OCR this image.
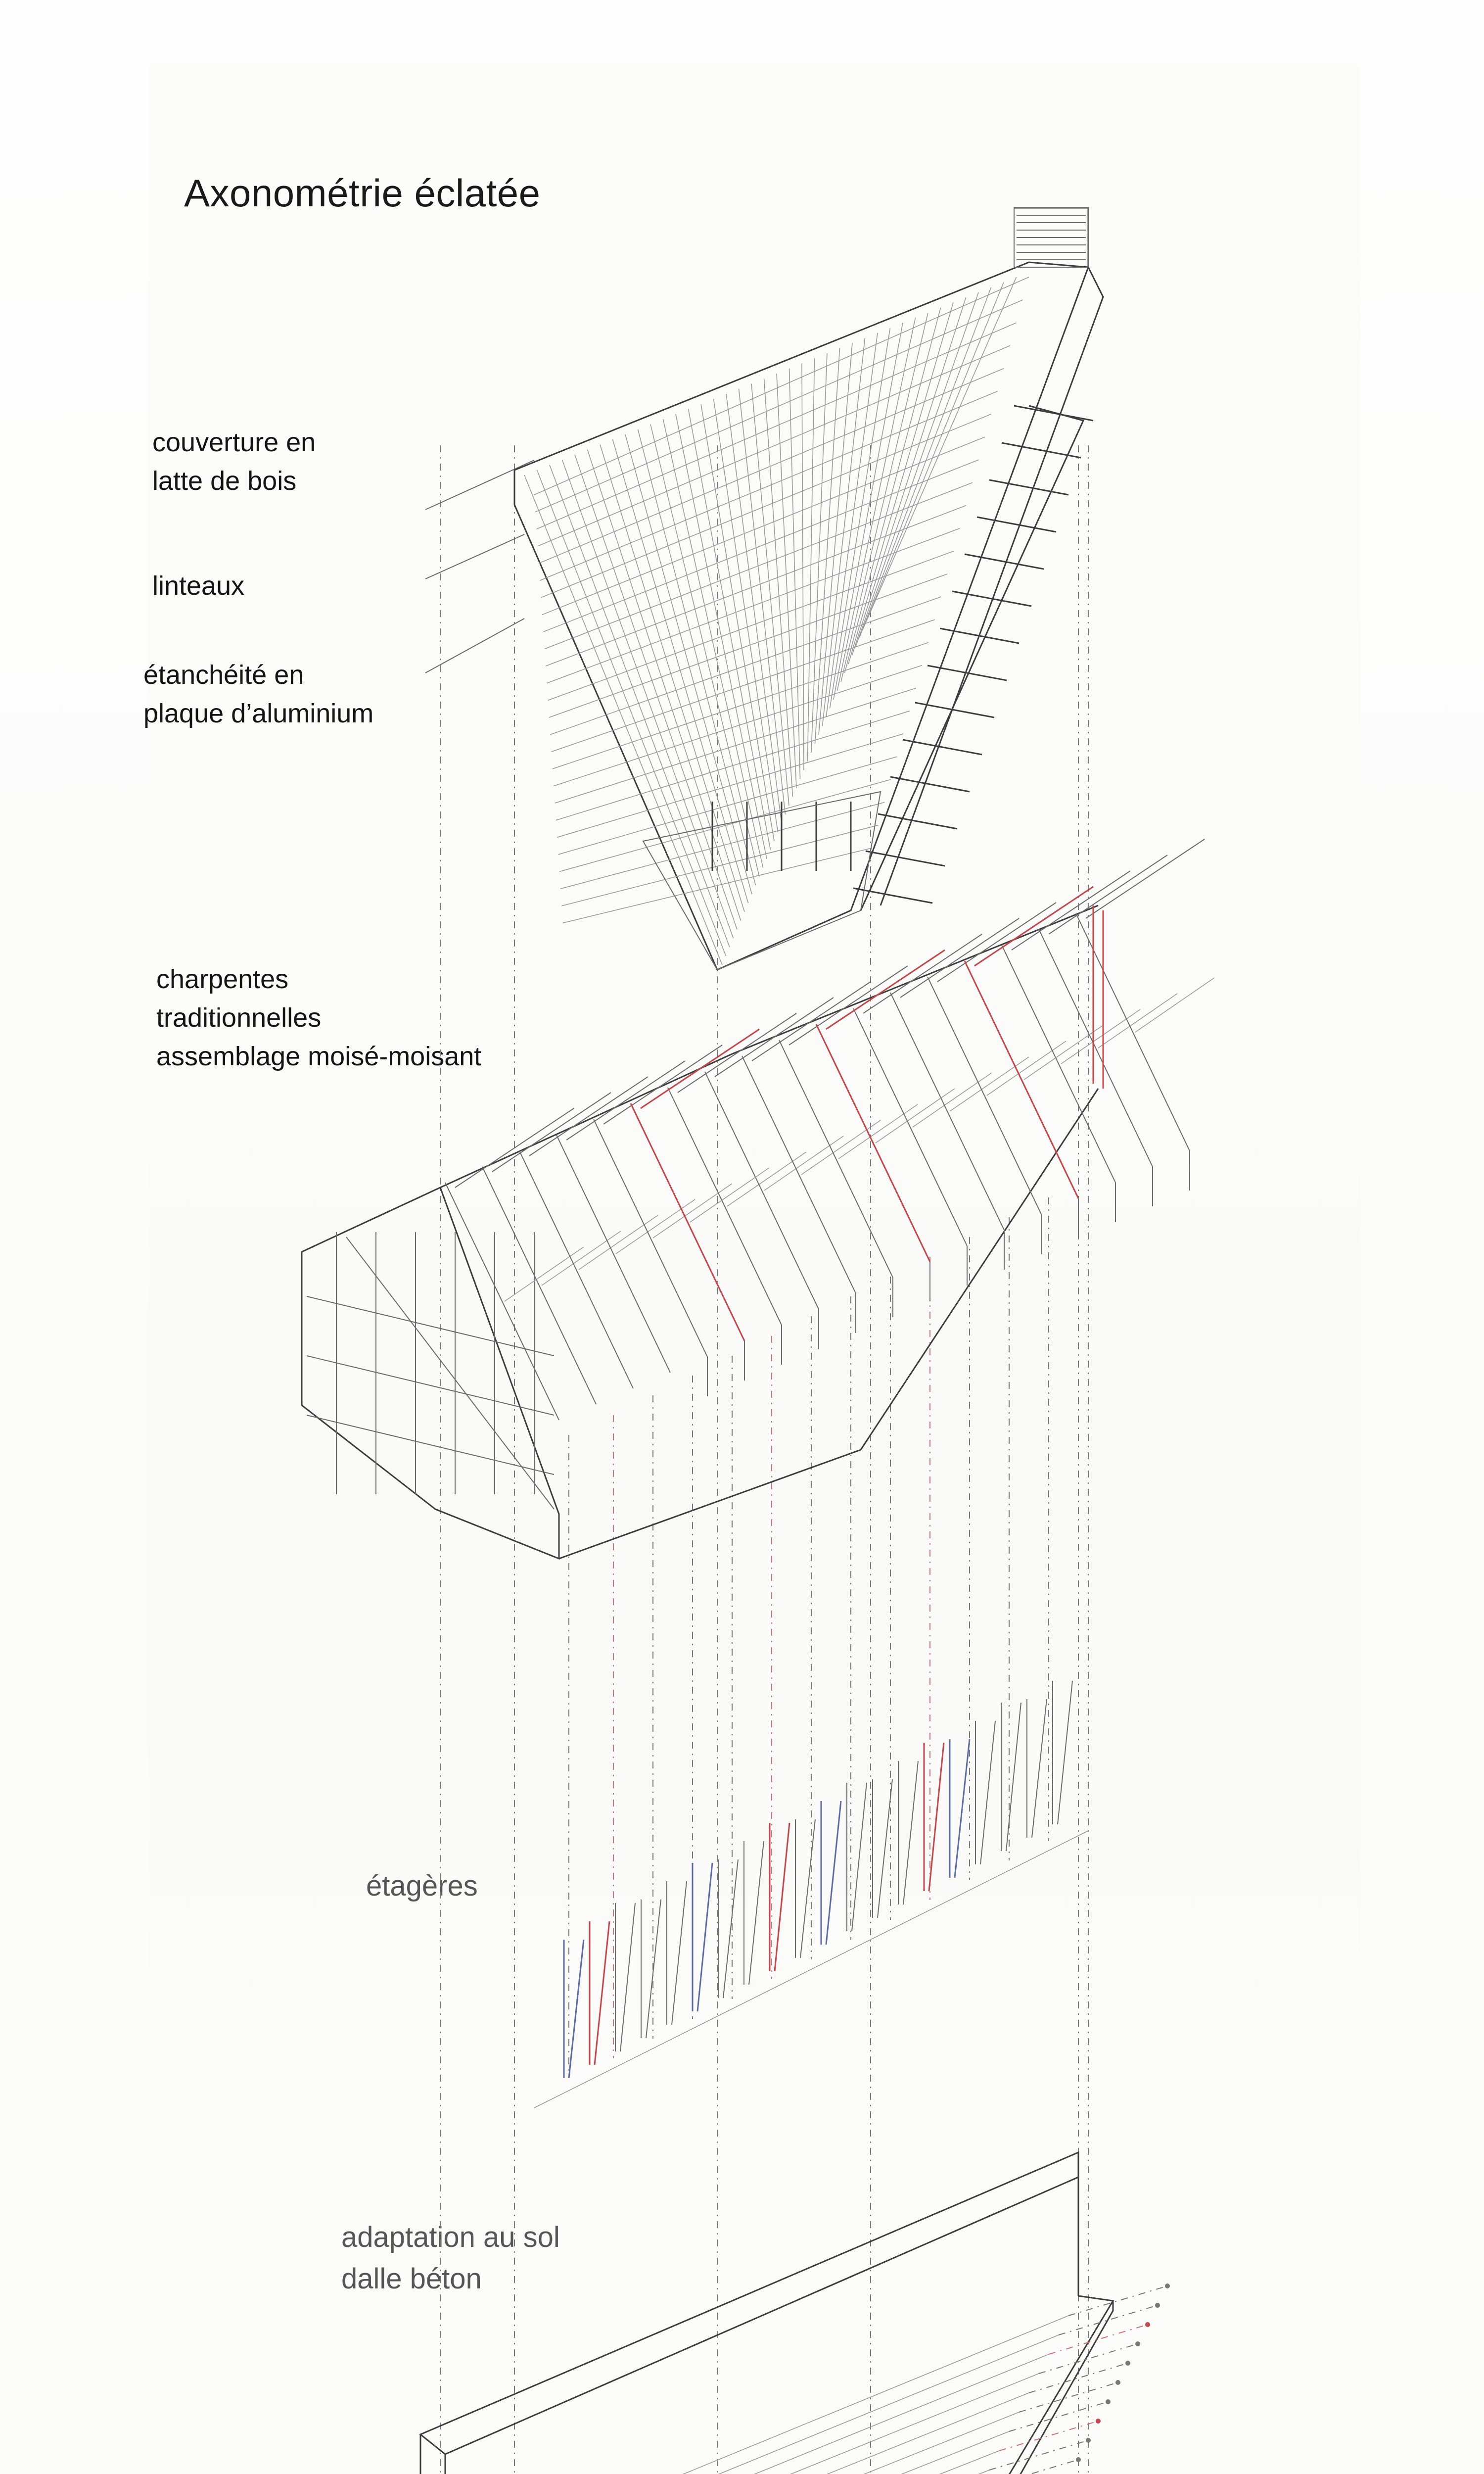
Axonométrie éclatée
couverture en
latte de bois
linteaux
étanchéité en
plaque d’aluminium
charpentes
traditionnelles
assemblage moisé-moisant
étagères
adaptation au sol
dalle béton
